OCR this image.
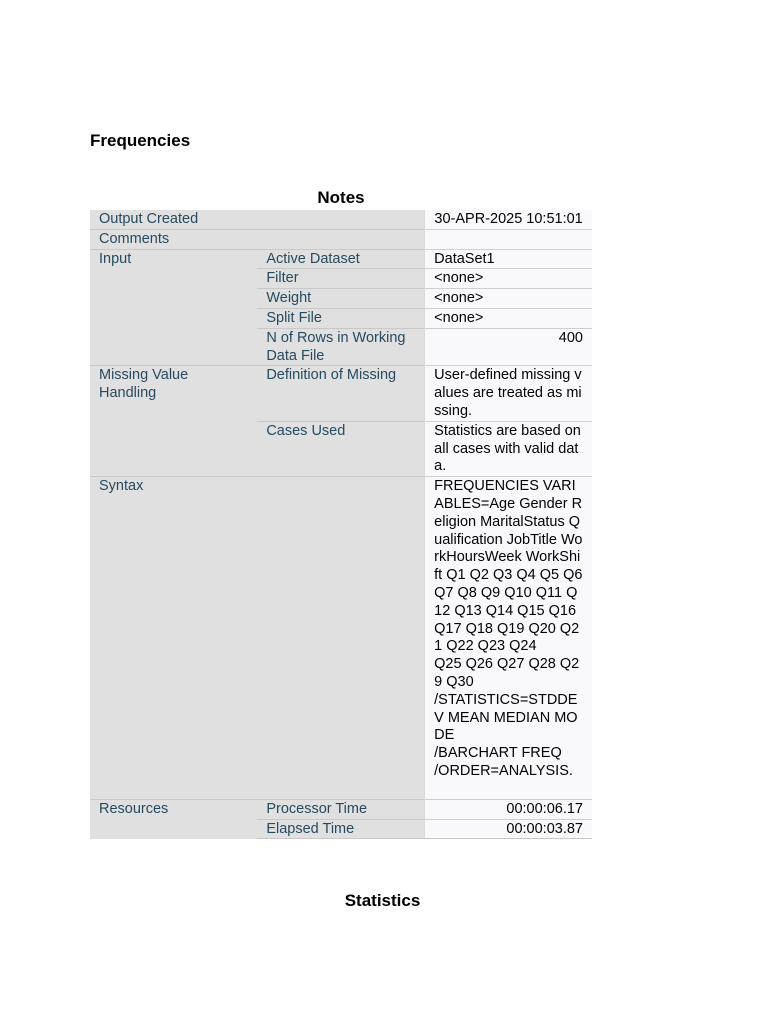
Frequencies
Notes
Output Created		30-APR-2025 10:51:01
Comments		
Input	Active Dataset	DataSet1
	Filter	<none>
	Weight	<none>
	Split File	<none>
	N of Rows in Working Data File	400
Missing Value Handling	Definition of Missing	User-defined missing values are treated as missing.
	Cases Used	Statistics are based on all cases with valid data.
Syntax		FREQUENCIES VARIABLES=Age Gender Religion MaritalStatus Qualification JobTitle WorkHoursWeek WorkShift Q1 Q2 Q3 Q4 Q5 Q6 Q7 Q8 Q9 Q10 Q11 Q12 Q13 Q14 Q15 Q16 Q17 Q18 Q19 Q20 Q21 Q22 Q23 Q24
Q25 Q26 Q27 Q28 Q29 Q30
/STATISTICS=STDDEV MEAN MEDIAN MODE
/BARCHART FREQ
/ORDER=ANALYSIS.
Resources	Processor Time	00:00:06.17
	Elapsed Time	00:00:03.87
Statistics
